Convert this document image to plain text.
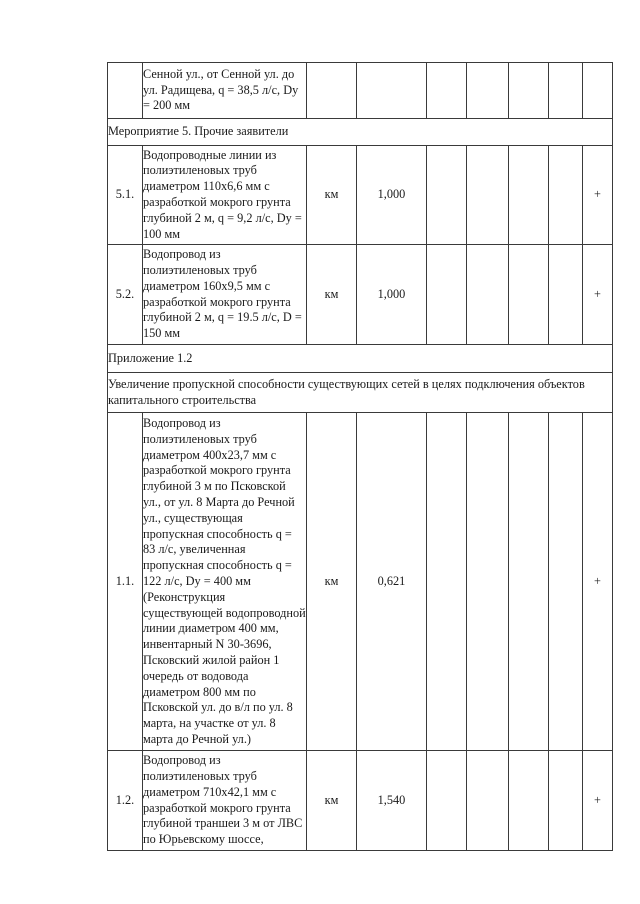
	Сенной ул., от Сенной ул. до ул. Радищева, q = 38,5 л/с, Dy = 200 мм							
Мероприятие 5. Прочие заявители								
5.1.	Водопроводные линии из полиэтиленовых труб диаметром 110х6,6 мм с разработкой мокрого грунта глубиной 2 м, q = 9,2 л/с, Dy = 100 мм	км	1,000					+
5.2.	Водопровод из полиэтиленовых труб диаметром 160х9,5 мм с разработкой мокрого грунта глубиной 2 м, q = 19.5 л/с, D = 150 мм	км	1,000					+
Приложение 1.2								
Увеличение пропускной способности существующих сетей в целях подключения объектов капитального строительства								
1.1.	Водопровод из полиэтиленовых труб диаметром 400х23,7 мм с разработкой мокрого грунта глубиной 3 м по Псковской ул., от ул. 8 Марта до Речной ул., существующая пропускная способность q = 83 л/с, увеличенная пропускная способность q = 122 л/с, Dy = 400 мм (Реконструкция существующей водопроводной линии диаметром 400 мм, инвентарный N 30-3696, Псковский жилой район 1 очередь от водовода диаметром 800 мм по Псковской ул. до в/л по ул. 8 марта, на участке от ул. 8 марта до Речной ул.)	км	0,621					+
1.2.	Водопровод из полиэтиленовых труб диаметром 710х42,1 мм с разработкой мокрого грунта глубиной траншеи 3 м от ЛВС по Юрьевскому шоссе,	км	1,540					+
